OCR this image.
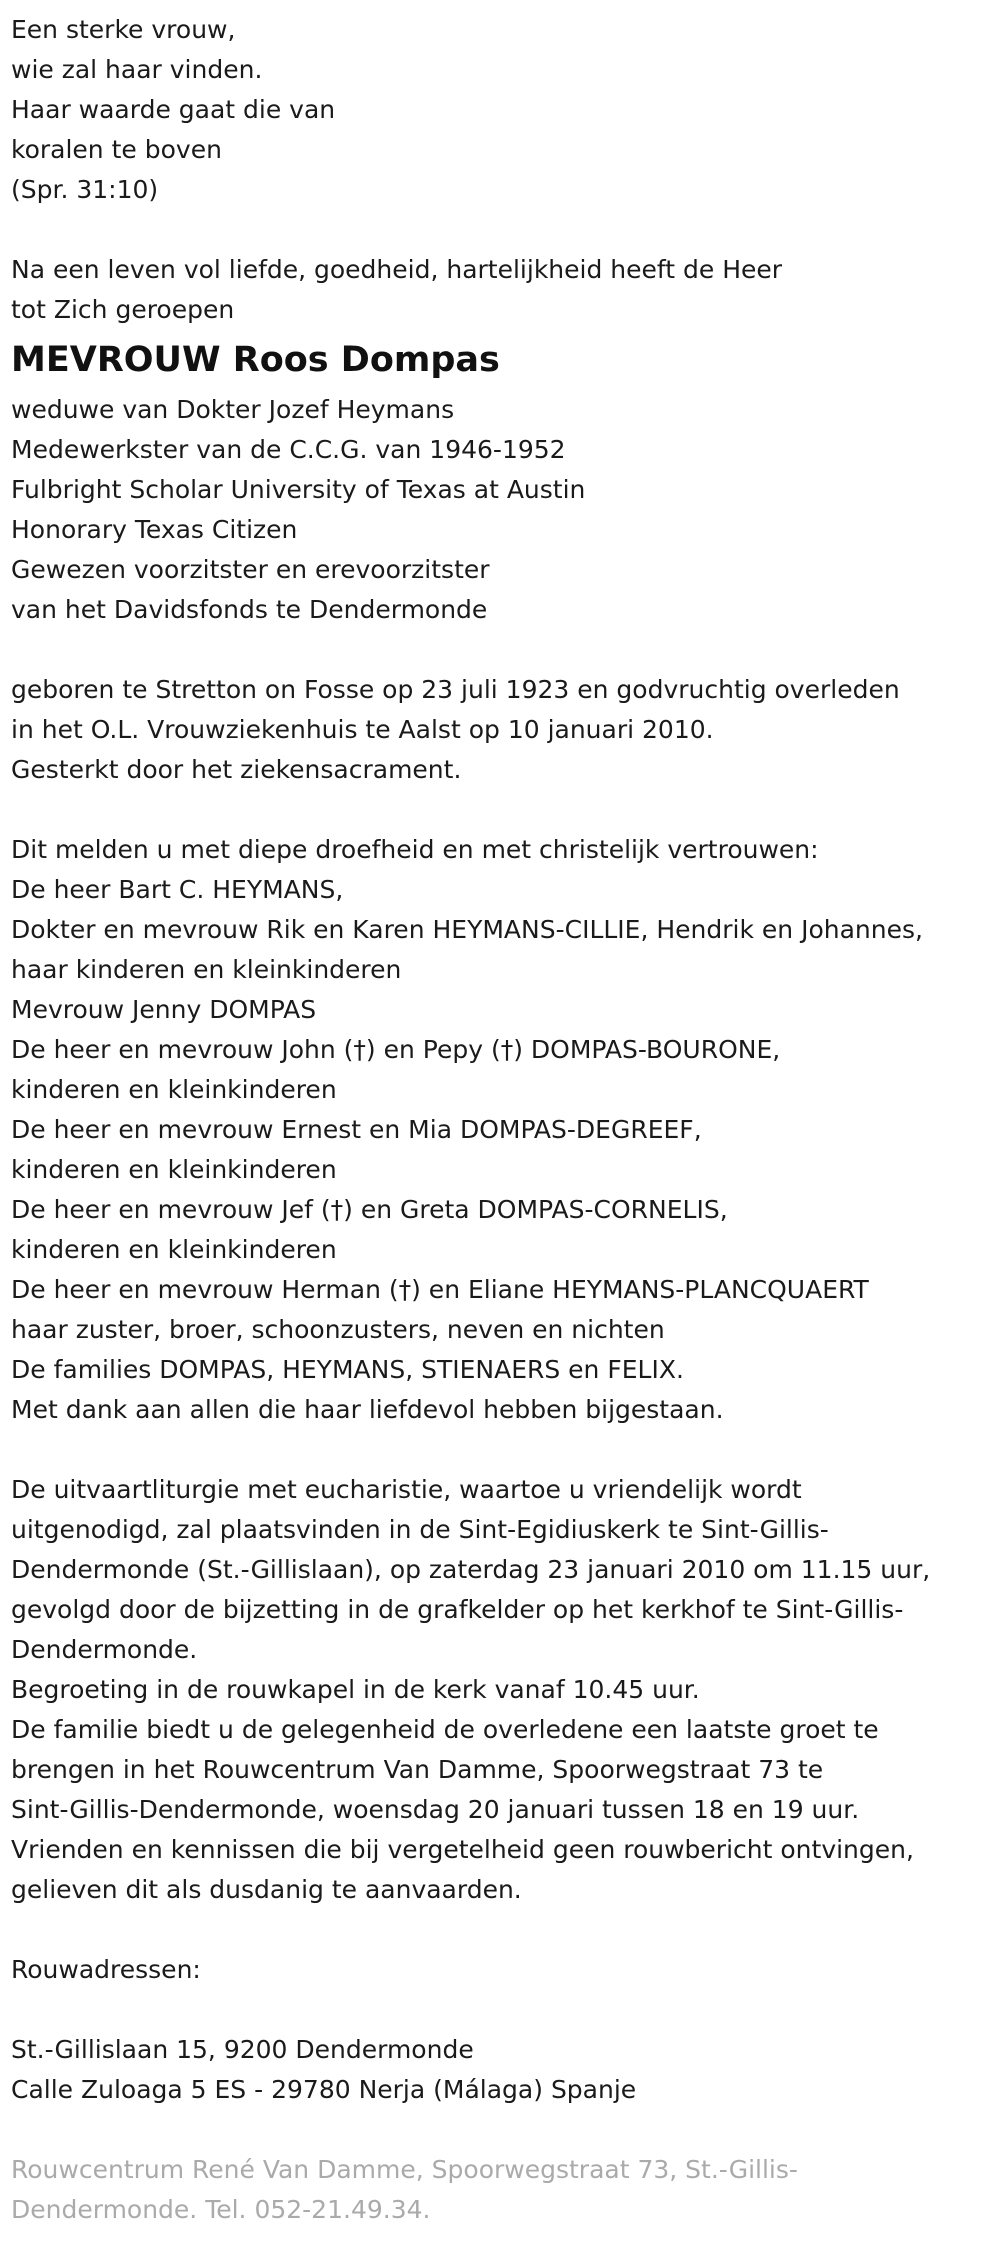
Een sterke vrouw,

wie zal haar vinden.

Haar waarde gaat die van

koralen te boven

(Spr. 31:10)

Na een leven vol liefde, goedheid, hartelijkheid heeft de Heer

tot Zich geroepen

MEVROUW Roos Dompas

weduwe van Dokter Jozef Heymans

Medewerkster van de C.C.G. van 1946-1952

Fulbright Scholar University of Texas at Austin

Honorary Texas Citizen

Gewezen voorzitster en erevoorzitster

van het Davidsfonds te Dendermonde

geboren te Stretton on Fosse op 23 juli 1923 en godvruchtig overleden

in het O.L. Vrouwziekenhuis te Aalst op 10 januari 2010.

Gesterkt door het ziekensacrament.

Dit melden u met diepe droefheid en met christelijk vertrouwen:

De heer Bart C. HEYMANS,

Dokter en mevrouw Rik en Karen HEYMANS-CILLIE, Hendrik en Johannes,

haar kinderen en kleinkinderen

Mevrouw Jenny DOMPAS

De heer en mevrouw John (†) en Pepy (†) DOMPAS-BOURONE,

kinderen en kleinkinderen

De heer en mevrouw Ernest en Mia DOMPAS-DEGREEF,

kinderen en kleinkinderen

De heer en mevrouw Jef (†) en Greta DOMPAS-CORNELIS,

kinderen en kleinkinderen

De heer en mevrouw Herman (†) en Eliane HEYMANS-PLANCQUAERT

haar zuster, broer, schoonzusters, neven en nichten

De families DOMPAS, HEYMANS, STIENAERS en FELIX.

Met dank aan allen die haar liefdevol hebben bijgestaan.

De uitvaartliturgie met eucharistie, waartoe u vriendelijk wordt

uitgenodigd, zal plaatsvinden in de Sint-Egidiuskerk te Sint-Gillis-

Dendermonde (St.-Gillislaan), op zaterdag 23 januari 2010 om 11.15 uur,

gevolgd door de bijzetting in de grafkelder op het kerkhof te Sint-Gillis-

Dendermonde.

Begroeting in de rouwkapel in de kerk vanaf 10.45 uur.

De familie biedt u de gelegenheid de overledene een laatste groet te

brengen in het Rouwcentrum Van Damme, Spoorwegstraat 73 te

Sint-Gillis-Dendermonde, woensdag 20 januari tussen 18 en 19 uur.

Vrienden en kennissen die bij vergetelheid geen rouwbericht ontvingen,

gelieven dit als dusdanig te aanvaarden.

Rouwadressen:

St.-Gillislaan 15, 9200 Dendermonde

Calle Zuloaga 5 ES - 29780 Nerja (Málaga) Spanje

Rouwcentrum René Van Damme, Spoorwegstraat 73, St.-Gillis-

Dendermonde. Tel. 052-21.49.34.
